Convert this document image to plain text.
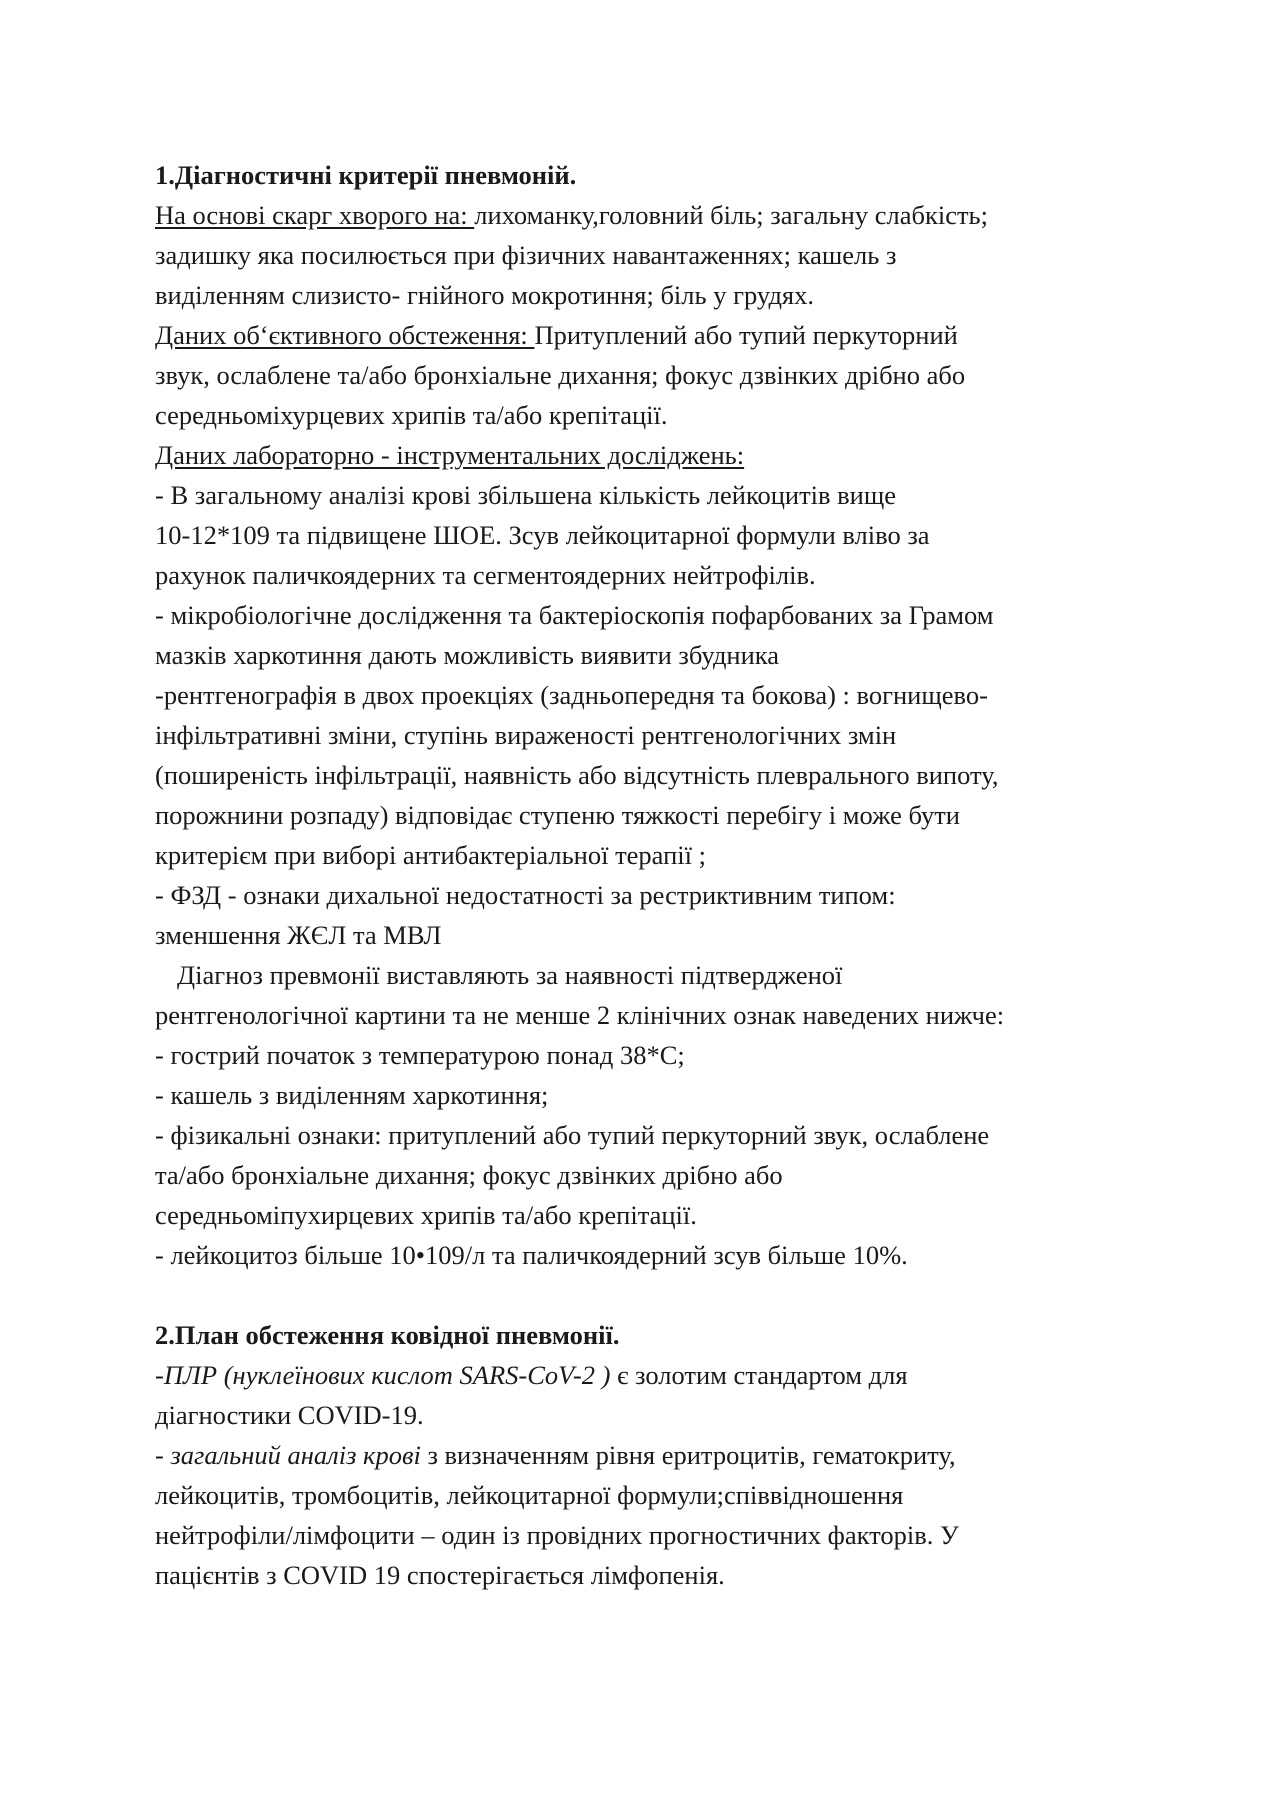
1.Діагностичні критерії пневмоній.
На основі скарг хворого на: лихоманку,головний біль; загальну слабкість;
задишку яка посилюється при фізичних навантаженнях; кашель з
виділенням слизисто- гнійного мокротиння; біль у грудях.
Даних об‘єктивного обстеження: Притуплений або тупий перкуторний
звук, ослаблене та/або бронхіальне дихання; фокус дзвінких дрібно або
середньоміхурцевих хрипів та/або крепітації.
Даних лабораторно - інструментальних досліджень:
- В загальному аналізі крові збільшена кількість лейкоцитів вище
10-12*109 та підвищене ШОЕ. Зсув лейкоцитарної формули вліво за
рахунок паличкоядерних та сегментоядерних нейтрофілів.
- мікробіологічне дослідження та бактеріоскопія пофарбованих за Грамом
мазків харкотиння дають можливість виявити збудника
-рентгенографія в двох проекціях (задньопередня та бокова) : вогнищево-
інфільтративні зміни, ступінь вираженості рентгенологічних змін
(поширеність інфільтрації, наявність або відсутність плеврального випоту,
порожнини розпаду) відповідає ступеню тяжкості перебігу і може бути
критерієм при виборі антибактеріальної терапії ;
- ФЗД - ознаки дихальної недостатності за рестриктивним типом:
зменшення ЖЄЛ та МВЛ
Діагноз превмонії виставляють за наявності підтвердженої
рентгенологічної картини та не менше 2 клінічних ознак наведених нижче:
- гострий початок з температурою понад 38*С;
- кашель з виділенням харкотиння;
- фізикальні ознаки: притуплений або тупий перкуторний звук, ослаблене
та/або бронхіальне дихання; фокус дзвінких дрібно або
середньоміпухирцевих хрипів та/або крепітації.
- лейкоцитоз більше 10•109/л та паличкоядерний зсув більше 10%.
2.План обстеження ковідної пневмонії.
-ПЛР (нуклеїнових кислот SARS-CoV-2 ) є золотим стандартом для
діагностики COVID-19.
- загальний аналіз крові з визначенням рівня еритроцитів, гематокриту,
лейкоцитів, тромбоцитів, лейкоцитарної формули;співвідношення
нейтрофіли/лімфоцити – один із провідних прогностичних факторів. У
пацієнтів з COVID 19 спостерігається лімфопенія.
